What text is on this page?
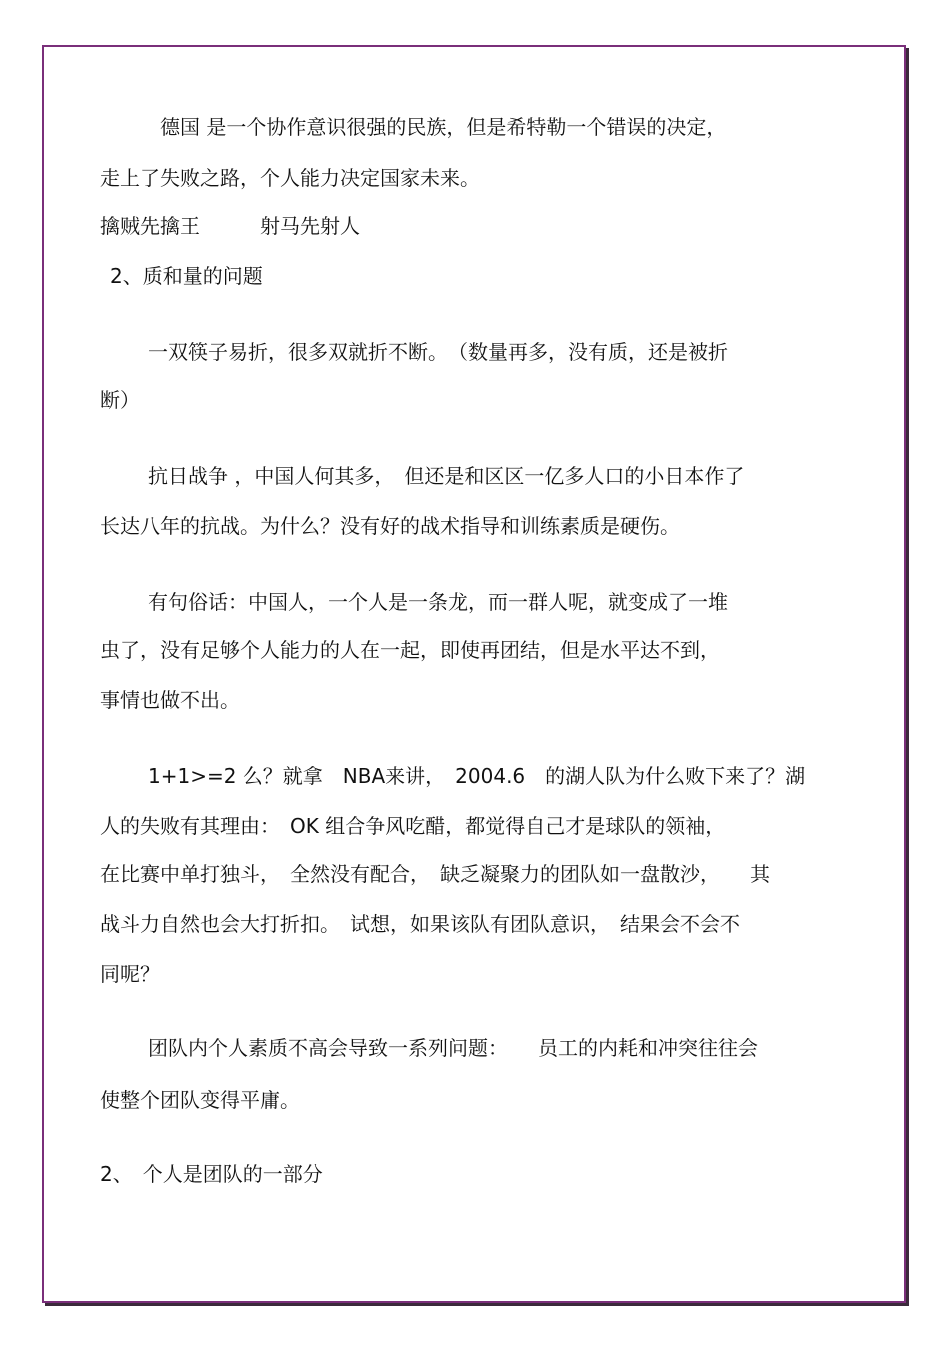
德国 是一个协作意识很强的民族，但是希特勒一个错误的决定，
走上了失败之路，个人能力决定国家未来。
擒贼先擒王　　　射马先射人
2、质和量的问题
一双筷子易折，很多双就折不断。　（数量再多，没有质，还是被折
断）
抗日战争 ，中国人何其多，　但还是和区区一亿多人口的小日本作了
长达八年的抗战。为什么？没有好的战术指导和训练素质是硬伤。
有句俗话：中国人，一个人是一条龙，而一群人呢，就变成了一堆
虫了，没有足够个人能力的人在一起，即使再团结，但是水平达不到，
事情也做不出。
1+1>=2 么？就拿　NBA来讲，　2004.6　的湖人队为什么败下来了？湖
人的失败有其理由：　OK 组合争风吃醋，都觉得自己才是球队的领袖，
在比赛中单打独斗，　全然没有配合，　缺乏凝聚力的团队如一盘散沙，　　其
战斗力自然也会大打折扣。　试想，如果该队有团队意识，　结果会不会不
同呢？
团队内个人素质不高会导致一系列问题：　　员工的内耗和冲突往往会
使整个团队变得平庸。
2、　个人是团队的一部分
